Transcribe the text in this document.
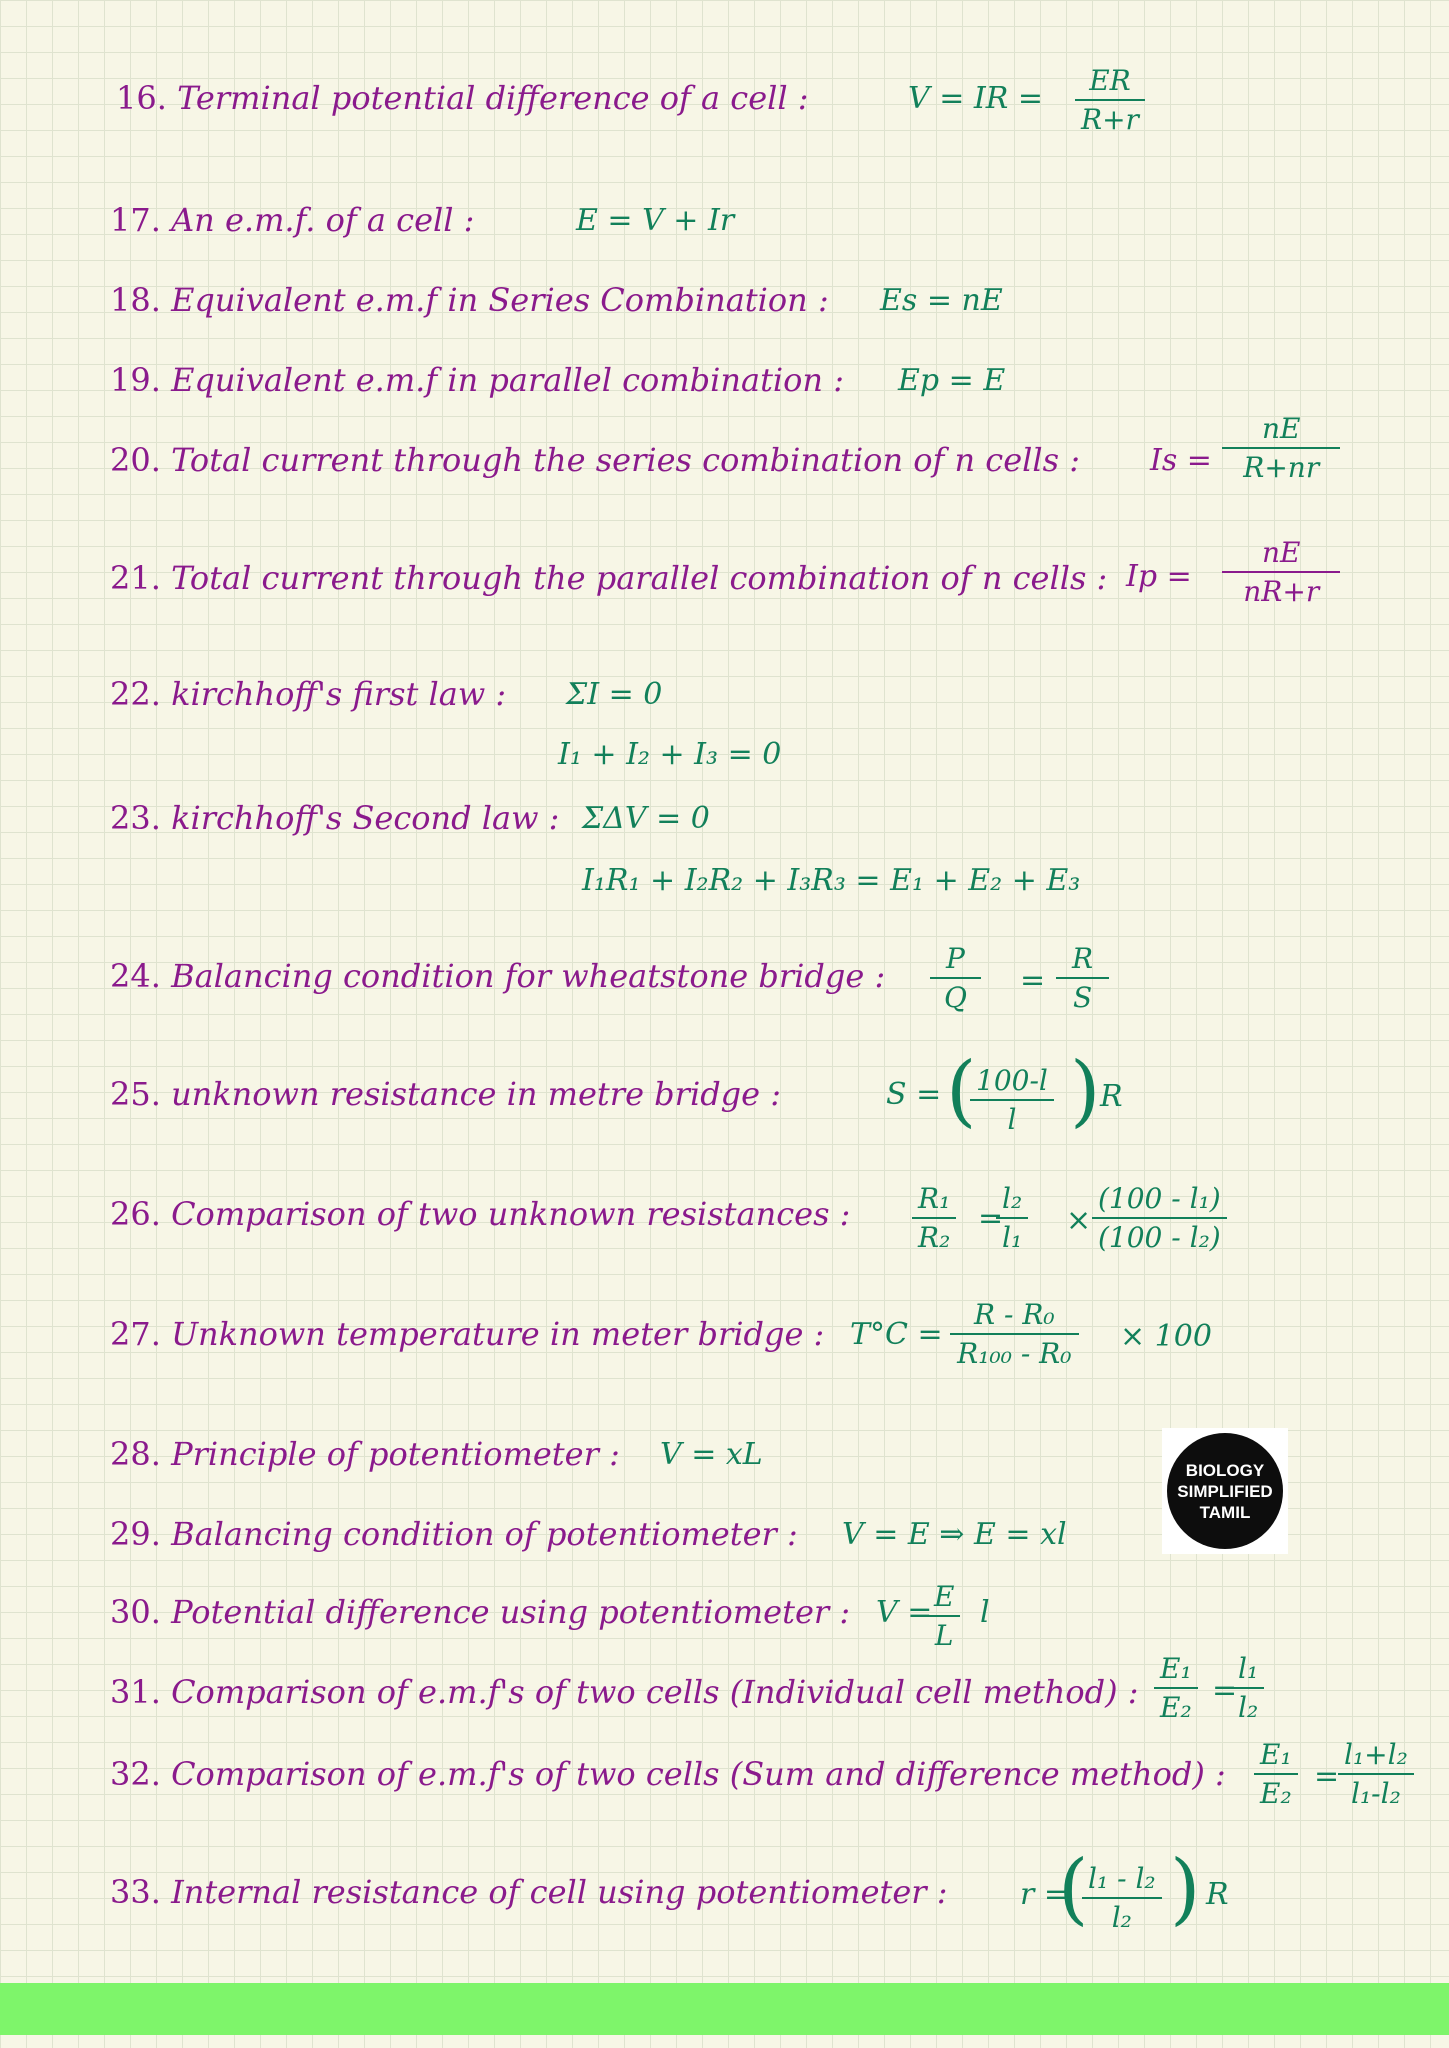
16. Terminal potential difference of a cell :	V = IR = $\frac{ER}{R+r}$
17. An e.m.f. of a cell :	E = V + Ir
18. Equivalent e.m.f in Series Combination : Es = nE
19. Equivalent e.m.f in parallel combination : Ep = E
20. Total current through the series combination of n cells : $Is = \frac{nE}{R+nr}$
21. Total current through the parallel combination of n cells : $Ip = \frac{nE}{nR+r}$
22. kirchhoff's first law : ΣI = 0
I₁ + I₂ + I₃ = 0
23. kirchhoff's Second law : ΣΔV = 0
I₁R₁ + I₂R₂ + I₃R₃ = E₁ + E₂ + E₃
24. Balancing condition for wheatstone bridge : $\frac{P}{Q} = \frac{R}{S}$
25. unknown resistance in metre bridge :	S = (
$\frac{100-l}{l}$ ) R
26. Comparison of two unknown resistances : $\frac{\text{R₁}}{\text{R₂}}$ =
$\frac{\text{l₂}}{\text{l₁}} \times \frac{\text{(100 - l₁)}}{\text{(100 - l₂)}}$
27. Unknown temperature in meter bridge : $T^\circ C = \frac{\text{R - R₀}}{\text{R₁₀₀ - R₀}} \times 100$
28. Principle of potentiometer : V = xL	BIOLOGY
SIMPLIFIED
TAMIL
29. Balancing condition of potentiometer : V = E ⇒ E = xl
30. Potential difference using potentiometer : V =
$\frac{E}{L}$ l
31. Comparison of e.m.f's of two cells (Individual cell method) : $\frac{\text{E₁}}{\text{E₂}}$ =
$\frac{\text{l₁}}{\text{l₂}}$
32. Comparison of e.m.f's of two cells (Sum and difference method) : $\frac{\text{E₁}}{\text{E₂}}$ =
$\frac{\text{l₁+l₂}}{\text{l₁-l₂}}$
33. Internal resistance of cell using potentiometer : r =
(
$\frac{\text{l₁ - l₂}}{\text{l₂}}$ ) R
